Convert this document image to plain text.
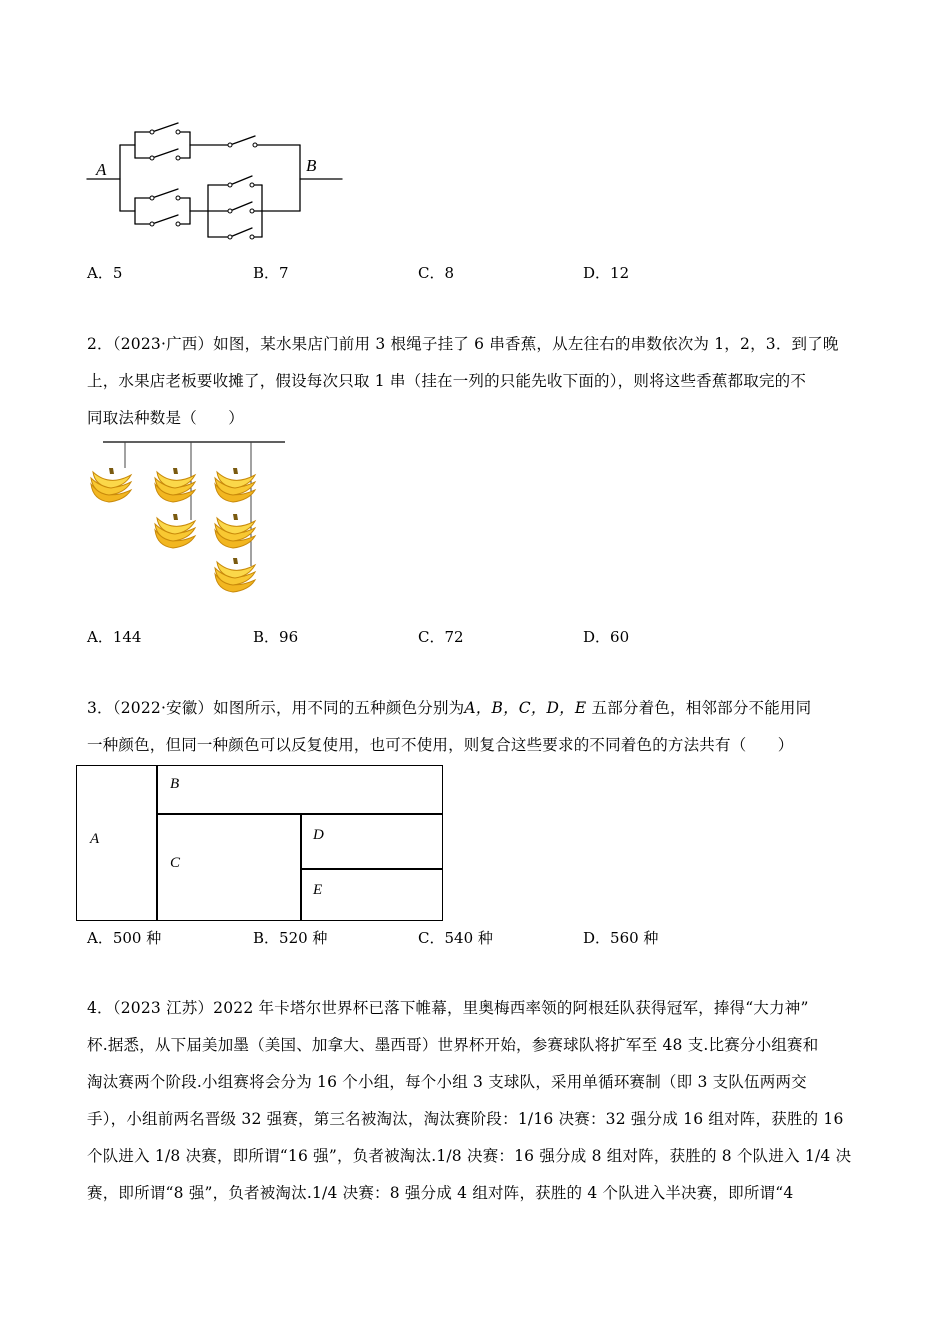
A	B
A．5	B．7	C．8	D．12
2．（2023·广西）如图，某水果店门前用 3 根绳子挂了 6 串香蕉，从左往右的串数依次为 1，2，3．到了晚
上，水果店老板要收摊了，假设每次只取 1 串（挂在一列的只能先收下面的），则将这些香蕉都取完的不
同取法种数是（　　）
A．144	B．96	C．72	D．60
3．（2022·安徽）如图所示，用不同的五种颜色分别为A，B，C，D，E 五部分着色，相邻部分不能用同
一种颜色，但同一种颜色可以反复使用，也可不使用，则复合这些要求的不同着色的方法共有（　　）
A
B
C
D
E
A．500 种	B．520 种	C．540 种	D．560 种
4．（2023 江苏）2022 年卡塔尔世界杯已落下帷幕，里奥梅西率领的阿根廷队获得冠军，捧得“大力神”
杯.据悉，从下届美加墨（美国、加拿大、墨西哥）世界杯开始，参赛球队将扩军至 48 支.比赛分小组赛和
淘汰赛两个阶段.小组赛将会分为 16 个小组，每个小组 3 支球队，采用单循环赛制（即 3 支队伍两两交
手），小组前两名晋级 32 强赛，第三名被淘汰，淘汰赛阶段：1/16 决赛：32 强分成 16 组对阵，获胜的 16
个队进入 1/8 决赛，即所谓“16 强”，负者被淘汰.1/8 决赛：16 强分成 8 组对阵，获胜的 8 个队进入 1/4 决
赛，即所谓“8 强”，负者被淘汰.1/4 决赛：8 强分成 4 组对阵，获胜的 4 个队进入半决赛，即所谓“4
